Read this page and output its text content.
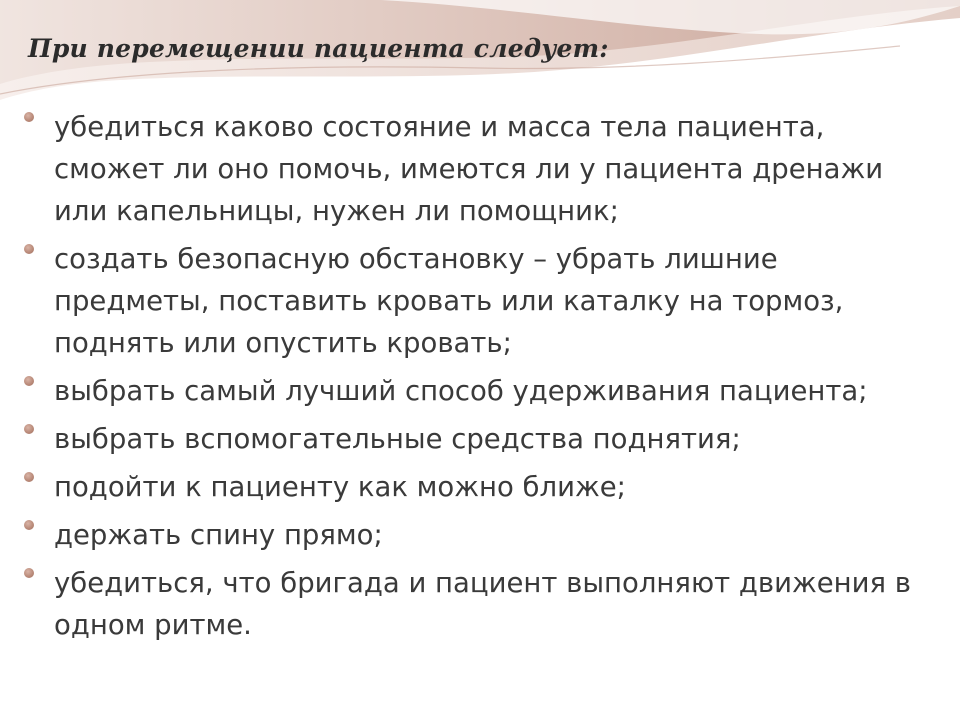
При перемещении пациента следует:
убедиться каково состояние и масса тела пациента, сможет ли оно помочь, имеются ли у пациента дренажи или капельницы, нужен ли помощник;
создать безопасную обстановку – убрать лишние предметы, поставить кровать или каталку на тормоз, поднять или опустить кровать;
выбрать самый лучший способ удерживания пациента;
выбрать вспомогательные средства поднятия;
подойти к пациенту как можно ближе;
держать спину прямо;
убедиться, что бригада и пациент выполняют движения в одном ритме.
